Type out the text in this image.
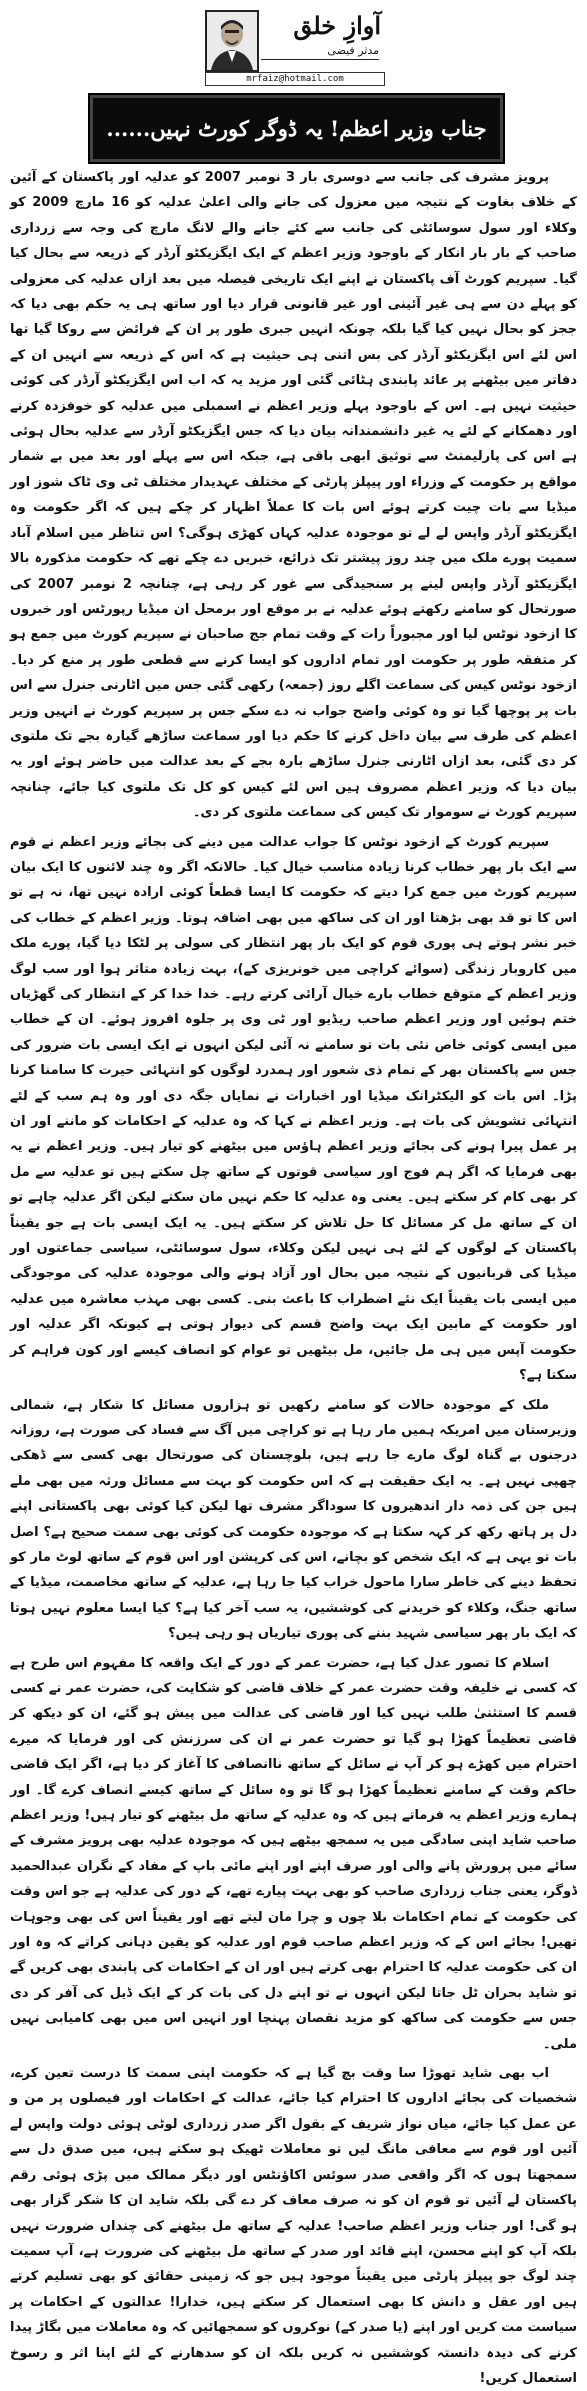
آوازِ خلق
مدثر فیضی
mrfaiz@hotmail.com
جناب وزیر اعظم! یہ ڈوگر کورٹ نہیں......

پرویز مشرف کی جانب سے دوسری بار 3 نومبر 2007 کو عدلیہ اور پاکستان کے آئین کے خلاف بغاوت کے نتیجہ میں معزول کی جانے والی اعلیٰ عدلیہ کو 16 مارچ 2009 کو وکلاء اور سول سوسائٹی کی جانب سے کئے جانے والے لانگ مارچ کی وجہ سے زرداری صاحب کے بار بار انکار کے باوجود وزیر اعظم کے ایک ایگزیکٹو آرڈر کے ذریعہ سے بحال کیا گیا۔ سپریم کورٹ آف پاکستان نے اپنے ایک تاریخی فیصلہ میں بعد ازاں عدلیہ کی معزولی کو پہلے دن سے ہی غیر آئینی اور غیر قانونی قرار دیا اور ساتھ ہی یہ حکم بھی دیا کہ ججز کو بحال نہیں کیا گیا بلکہ چونکہ انہیں جبری طور پر ان کے فرائض سے روکا گیا تھا اس لئے اس ایگزیکٹو آرڈر کی بس اتنی ہی حیثیت ہے کہ اس کے ذریعہ سے انہیں ان کے دفاتر میں بیٹھنے پر عائد پابندی ہٹائی گئی اور مزید یہ کہ اب اس ایگزیکٹو آرڈر کی کوئی حیثیت نہیں ہے۔ اس کے باوجود پہلے وزیر اعظم نے اسمبلی میں عدلیہ کو خوفزدہ کرنے اور دھمکانے کے لئے یہ غیر دانشمندانہ بیان دیا کہ جس ایگزیکٹو آرڈر سے عدلیہ بحال ہوئی ہے اس کی پارلیمنٹ سے توثیق ابھی باقی ہے، جبکہ اس سے پہلے اور بعد میں بے شمار مواقع پر حکومت کے وزراء اور پیپلز پارٹی کے مختلف عہدیدار مختلف ٹی وی ٹاک شوز اور میڈیا سے بات چیت کرتے ہوئے اس بات کا عملاً اظہار کر چکے ہیں کہ اگر حکومت وہ ایگزیکٹو آرڈر واپس لے لے تو موجودہ عدلیہ کہاں کھڑی ہوگی؟ اس تناظر میں اسلام آباد سمیت پورے ملک میں چند روز پیشتر تک ذرائع، خبریں دے چکے تھے کہ حکومت مذکورہ بالا ایگزیکٹو آرڈر واپس لینے پر سنجیدگی سے غور کر رہی ہے، چنانچہ 2 نومبر 2007 کی صورتحال کو سامنے رکھتے ہوئے عدلیہ نے بر موقع اور برمحل ان میڈیا رپورٹس اور خبروں کا ازخود نوٹس لیا اور مجبوراً رات کے وقت تمام جج صاحبان نے سپریم کورٹ میں جمع ہو کر متفقہ طور پر حکومت اور تمام اداروں کو ایسا کرنے سے قطعی طور پر منع کر دیا۔ ازخود نوٹس کیس کی سماعت اگلے روز (جمعہ) رکھی گئی جس میں اٹارنی جنرل سے اس بات پر پوچھا گیا تو وہ کوئی واضح جواب نہ دے سکے جس پر سپریم کورٹ نے انہیں وزیر اعظم کی طرف سے بیان داخل کرنے کا حکم دیا اور سماعت ساڑھے گیارہ بجے تک ملتوی کر دی گئی، بعد ازاں اٹارنی جنرل ساڑھے بارہ بجے کے بعد عدالت میں حاضر ہوئے اور یہ بیان دیا کہ وزیر اعظم مصروف ہیں اس لئے کیس کو کل تک ملتوی کیا جائے، چنانچہ سپریم کورٹ نے سوموار تک کیس کی سماعت ملتوی کر دی۔

سپریم کورٹ کے ازخود نوٹس کا جواب عدالت میں دینے کی بجائے وزیر اعظم نے قوم سے ایک بار پھر خطاب کرنا زیادہ مناسب خیال کیا۔ حالانکہ اگر وہ چند لائنوں کا ایک بیان سپریم کورٹ میں جمع کرا دیتے کہ حکومت کا ایسا قطعاً کوئی ارادہ نہیں تھا، نہ ہے تو اس کا تو قد بھی بڑھتا اور ان کی ساکھ میں بھی اضافہ ہوتا۔ وزیر اعظم کے خطاب کی خبر نشر ہوتے ہی پوری قوم کو ایک بار پھر انتظار کی سولی پر لٹکا دیا گیا، پورے ملک میں کاروبار زندگی (سوائے کراچی میں خونریزی کے)، بہت زیادہ متاثر ہوا اور سب لوگ وزیر اعظم کے متوقع خطاب بارے خیال آرائی کرتے رہے۔ خدا خدا کر کے انتظار کی گھڑیاں ختم ہوئیں اور وزیر اعظم صاحب ریڈیو اور ٹی وی پر جلوہ افروز ہوئے۔ ان کے خطاب میں ایسی کوئی خاص نئی بات تو سامنے نہ آئی لیکن انہوں نے ایک ایسی بات ضرور کی جس سے پاکستان بھر کے تمام ذی شعور اور ہمدرد لوگوں کو انتہائی حیرت کا سامنا کرنا پڑا۔ اس بات کو الیکٹرانک میڈیا اور اخبارات نے نمایاں جگہ دی اور وہ ہم سب کے لئے انتہائی تشویش کی بات ہے۔ وزیر اعظم نے کہا کہ وہ عدلیہ کے احکامات کو ماننے اور ان پر عمل پیرا ہونے کی بجائے وزیر اعظم ہاؤس میں بیٹھنے کو تیار ہیں۔ وزیر اعظم نے یہ بھی فرمایا کہ اگر ہم فوج اور سیاسی قوتوں کے ساتھ چل سکتے ہیں تو عدلیہ سے مل کر بھی کام کر سکتے ہیں۔ یعنی وہ عدلیہ کا حکم نہیں مان سکتے لیکن اگر عدلیہ چاہے تو ان کے ساتھ مل کر مسائل کا حل تلاش کر سکتے ہیں۔ یہ ایک ایسی بات ہے جو یقیناً پاکستان کے لوگوں کے لئے ہی نہیں لیکن وکلاء، سول سوسائٹی، سیاسی جماعتوں اور میڈیا کی قربانیوں کے نتیجہ میں بحال اور آزاد ہونے والی موجودہ عدلیہ کی موجودگی میں ایسی بات یقیناً ایک نئے اضطراب کا باعث بنی۔ کسی بھی مہذب معاشرہ میں عدلیہ اور حکومت کے مابین ایک بہت واضح قسم کی دیوار ہوتی ہے کیونکہ اگر عدلیہ اور حکومت آپس میں ہی مل جائیں، مل بیٹھیں تو عوام کو انصاف کیسے اور کون فراہم کر سکتا ہے؟

ملک کے موجودہ حالات کو سامنے رکھیں تو ہزاروں مسائل کا شکار ہے، شمالی وزیرستان میں امریکہ ہمیں مار رہا ہے تو کراچی میں آگ سے فساد کی صورت ہے، روزانہ درجنوں بے گناہ لوگ مارے جا رہے ہیں، بلوچستان کی صورتحال بھی کسی سے ڈھکی چھپی نہیں ہے۔ یہ ایک حقیقت ہے کہ اس حکومت کو بہت سے مسائل ورثہ میں بھی ملے ہیں جن کی ذمہ دار اندھیروں کا سوداگر مشرف تھا لیکن کیا کوئی بھی پاکستانی اپنے دل پر ہاتھ رکھ کر کہہ سکتا ہے کہ موجودہ حکومت کی کوئی بھی سمت صحیح ہے؟ اصل بات تو یہی ہے کہ ایک شخص کو بچانے، اس کی کرپشن اور اس قوم کے ساتھ لوٹ مار کو تحفظ دینے کی خاطر سارا ماحول خراب کیا جا رہا ہے، عدلیہ کے ساتھ مخاصمت، میڈیا کے ساتھ جنگ، وکلاء کو خریدنے کی کوششیں، یہ سب آخر کیا ہے؟ کیا ایسا معلوم نہیں ہوتا کہ ایک بار پھر سیاسی شہید بننے کی پوری تیاریاں ہو رہی ہیں؟

اسلام کا تصور عدل کیا ہے، حضرت عمر کے دور کے ایک واقعہ کا مفہوم اس طرح ہے کہ کسی نے خلیفہ وقت حضرت عمر کے خلاف قاضی کو شکایت کی، حضرت عمر نے کسی قسم کا استثنیٰ طلب نہیں کیا اور قاضی کی عدالت میں پیش ہو گئے، ان کو دیکھ کر قاضی تعظیماً کھڑا ہو گیا تو حضرت عمر نے ان کی سرزنش کی اور فرمایا کہ میرے احترام میں کھڑے ہو کر آپ نے سائل کے ساتھ ناانصافی کا آغاز کر دیا ہے، اگر ایک قاضی حاکم وقت کے سامنے تعظیماً کھڑا ہو گا تو وہ سائل کے ساتھ کیسے انصاف کرے گا۔ اور ہمارے وزیر اعظم یہ فرماتے ہیں کہ وہ عدلیہ کے ساتھ مل بیٹھنے کو تیار ہیں! وزیر اعظم صاحب شاید اپنی سادگی میں یہ سمجھ بیٹھے ہیں کہ موجودہ عدلیہ بھی پرویز مشرف کے سائے میں پرورش پانے والی اور صرف اپنے اور اپنے مائی باپ کے مفاد کے نگران عبدالحمید ڈوگر، یعنی جناب زرداری صاحب کو بھی بہت پیارے تھے، کے دور کی عدلیہ ہے جو اس وقت کی حکومت کے تمام احکامات بلا چوں و چرا مان لیتے تھے اور یقیناً اس کی بھی وجوہات تھیں! بجائے اس کے کہ وزیر اعظم صاحب قوم اور عدلیہ کو یقین دہانی کراتے کہ وہ اور ان کی حکومت عدلیہ کا احترام بھی کرتے ہیں اور ان کے احکامات کی پابندی بھی کریں گے تو شاید بحران ٹل جاتا لیکن انہوں نے تو اپنے دل کی بات کر کے ایک ڈیل کی آفر کر دی جس سے حکومت کی ساکھ کو مزید نقصان پہنچا اور انہیں اس میں بھی کامیابی نہیں ملی۔

اب بھی شاید تھوڑا سا وقت بچ گیا ہے کہ حکومت اپنی سمت کا درست تعین کرے، شخصیات کی بجائے اداروں کا احترام کیا جائے، عدالت کے احکامات اور فیصلوں پر من و عن عمل کیا جائے، میاں نواز شریف کے بقول اگر صدر زرداری لوٹی ہوئی دولت واپس لے آئیں اور قوم سے معافی مانگ لیں تو معاملات ٹھیک ہو سکتے ہیں، میں صدق دل سے سمجھتا ہوں کہ اگر واقعی صدر سوئس اکاؤنٹس اور دیگر ممالک میں پڑی ہوئی رقم پاکستان لے آئیں تو قوم ان کو نہ صرف معاف کر دے گی بلکہ شاید ان کا شکر گزار بھی ہو گی! اور جناب وزیر اعظم صاحب! عدلیہ کے ساتھ مل بیٹھنے کی چنداں ضرورت نہیں بلکہ آپ کو اپنے محسن، اپنے قائد اور صدر کے ساتھ مل بیٹھنے کی ضرورت ہے، آپ سمیت چند لوگ جو پیپلز پارٹی میں یقیناً موجود ہیں جو کہ زمینی حقائق کو بھی تسلیم کرتے ہیں اور عقل و دانش کا بھی استعمال کر سکتے ہیں، خدارا! عدالتوں کے احکامات پر سیاست مت کریں اور اپنے (یا صدر کے) نوکروں کو سمجھائیں کہ وہ معاملات میں بگاڑ پیدا کرنے کی دیدہ دانستہ کوششیں نہ کریں بلکہ ان کو سدھارنے کے لئے اپنا اثر و رسوخ استعمال کریں!
